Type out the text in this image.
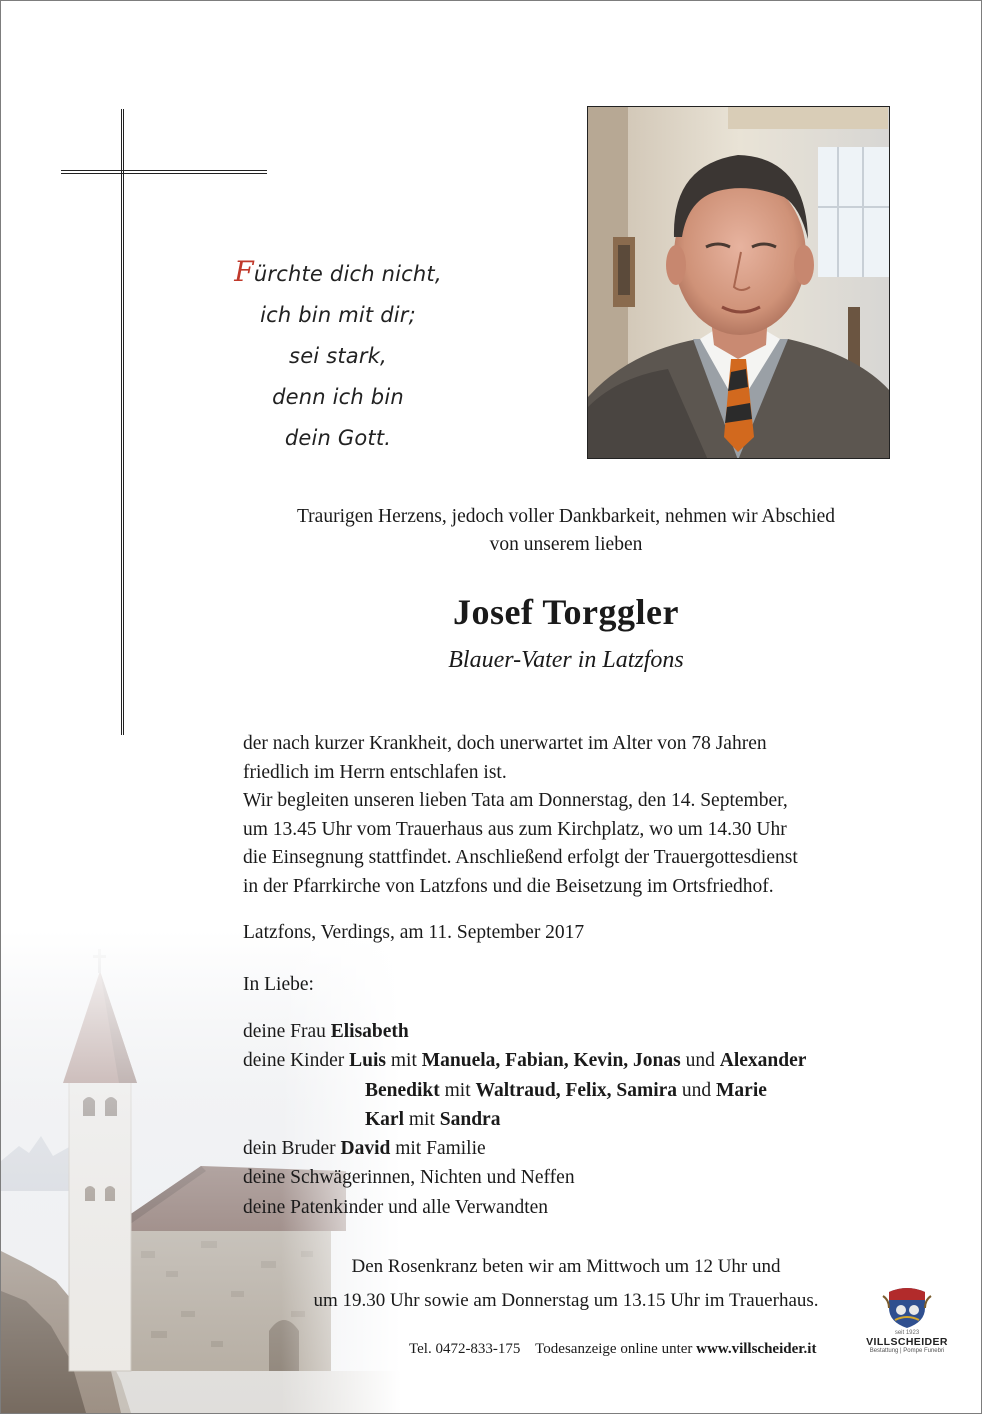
Fürchte dich nicht,
ich bin mit dir;
sei stark,
denn ich bin
dein Gott.
Traurigen Herzens, jedoch voller Dankbarkeit, nehmen wir Abschied
von unserem lieben
Josef Torggler
Blauer-Vater in Latzfons

der nach kurzer Krankheit, doch unerwartet im Alter von 78 Jahren

friedlich im Herrn entschlafen ist.

Wir begleiten unseren lieben Tata am Donnerstag, den 14. September,

um 13.45 Uhr vom Trauerhaus aus zum Kirchplatz, wo um 14.30 Uhr

die Einsegnung stattfindet. Anschließend erfolgt der Trauergottesdienst

in der Pfarrkirche von Latzfons und die Beisetzung im Ortsfriedhof.

Latzfons, Verdings, am 11. September 2017
In Liebe:
deine Frau Elisabeth
deine Kinder Luis mit Manuela, Fabian, Kevin, Jonas und Alexander
Benedikt mit Waltraud, Felix, Samira und Marie
Karl mit Sandra
dein Bruder David mit Familie
deine Schwägerinnen, Nichten und Neffen
deine Patenkinder und alle Verwandten
Den Rosenkranz beten wir am Mittwoch um 12 Uhr und
um 19.30 Uhr sowie am Donnerstag um 13.15 Uhr im Trauerhaus.
Tel. 0472-833-175 Todesanzeige online unter www.villscheider.it
seit 1923
VILLSCHEIDER
Bestattung | Pompe Funebri
